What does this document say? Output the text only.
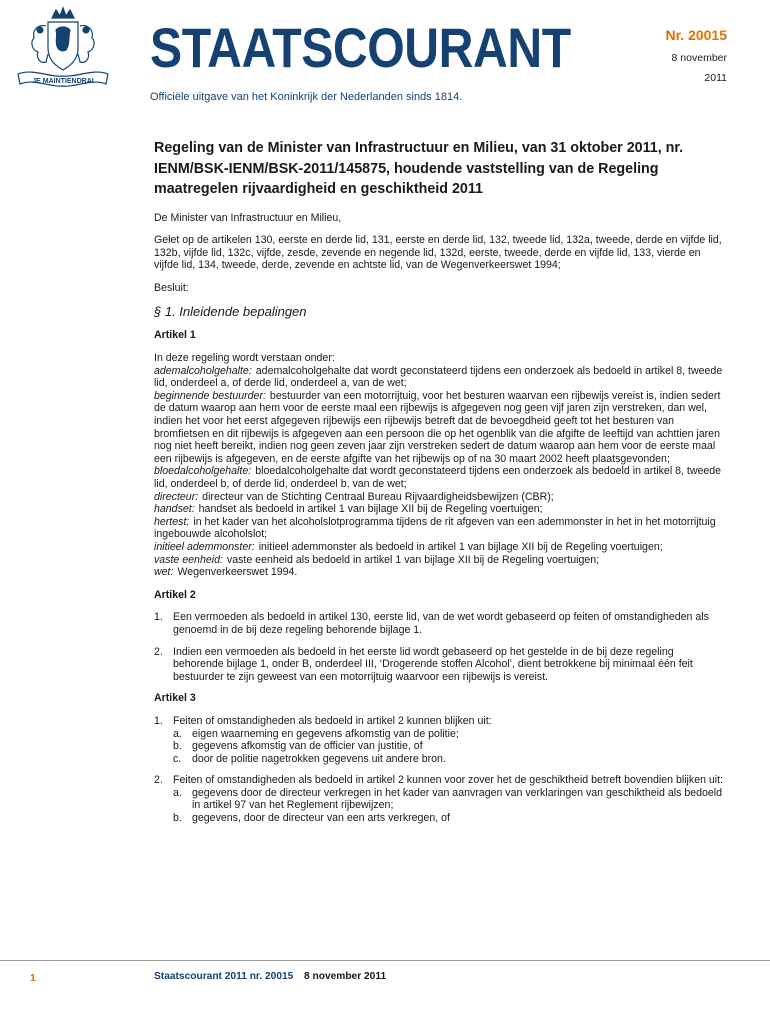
JE MAINTIENDRAI
STAATSCOURANT
Officiële uitgave van het Koninkrijk der Nederlanden sinds 1814.
Nr. 20015
8 november
2011
Regeling van de Minister van Infrastructuur en Milieu, van 31 oktober 2011, nr. IENM/BSK-IENM/BSK-2011/145875, houdende vaststelling van de Regeling maatregelen rijvaardigheid en geschiktheid 2011
De Minister van Infrastructuur en Milieu,
Gelet op de artikelen 130, eerste en derde lid, 131, eerste en derde lid, 132, tweede lid, 132a, tweede, derde en vijfde lid, 132b, vijfde lid, 132c, vijfde, zesde, zevende en negende lid, 132d, eerste, tweede, derde en vijfde lid, 133, vierde en vijfde lid, 134, tweede, derde, zevende en achtste lid, van de Wegenverkeerswet 1994;
Besluit:
§ 1. Inleidende bepalingen
Artikel 1
In deze regeling wordt verstaan onder:
ademalcoholgehalte: ademalcoholgehalte dat wordt geconstateerd tijdens een onderzoek als bedoeld in artikel 8, tweede lid, onderdeel a, of derde lid, onderdeel a, van de wet;
beginnende bestuurder: bestuurder van een motorrijtuig, voor het besturen waarvan een rijbewijs vereist is, indien sedert de datum waarop aan hem voor de eerste maal een rijbewijs is afgegeven nog geen vijf jaren zijn verstreken, dan wel, indien het voor het eerst afgegeven rijbewijs een rijbewijs betreft dat de bevoegdheid geeft tot het besturen van bromfietsen en dit rijbewijs is afgegeven aan een persoon die op het ogenblik van die afgifte de leeftijd van achttien jaren nog niet heeft bereikt, indien nog geen zeven jaar zijn verstreken sedert de datum waarop aan hem voor de eerste maal een rijbewijs is afgegeven, en de eerste afgifte van het rijbewijs op of na 30 maart 2002 heeft plaatsgevonden;
bloedalcoholgehalte: bloedalcoholgehalte dat wordt geconstateerd tijdens een onderzoek als bedoeld in artikel 8, tweede lid, onderdeel b, of derde lid, onderdeel b, van de wet;
directeur: directeur van de Stichting Centraal Bureau Rijvaardigheidsbewijzen (CBR);
handset: handset als bedoeld in artikel 1 van bijlage XII bij de Regeling voertuigen;
hertest: in het kader van het alcoholslotprogramma tijdens de rit afgeven van een ademmonster in het in het motorrijtuig ingebouwde alcoholslot;
initieel ademmonster: initieel ademmonster als bedoeld in artikel 1 van bijlage XII bij de Regeling voertuigen;
vaste eenheid: vaste eenheid als bedoeld in artikel 1 van bijlage XII bij de Regeling voertuigen;
wet: Wegenverkeerswet 1994.
Artikel 2
1. Een vermoeden als bedoeld in artikel 130, eerste lid, van de wet wordt gebaseerd op feiten of omstandigheden als genoemd in de bij deze regeling behorende bijlage 1.
2. Indien een vermoeden als bedoeld in het eerste lid wordt gebaseerd op het gestelde in de bij deze regeling behorende bijlage 1, onder B, onderdeel III, ‘Drogerende stoffen Alcohol’, dient betrokkene bij minimaal één feit bestuurder te zijn geweest van een motorrijtuig waarvoor een rijbewijs is vereist.
Artikel 3
1. Feiten of omstandigheden als bedoeld in artikel 2 kunnen blijken uit:
a. eigen waarneming en gegevens afkomstig van de politie;
b. gegevens afkomstig van de officier van justitie, of
c.	door de politie nagetrokken gegevens uit andere bron.
2. Feiten of omstandigheden als bedoeld in artikel 2 kunnen voor zover het de geschiktheid betreft bovendien blijken uit:
a. gegevens door de directeur verkregen in het kader van aanvragen van verklaringen van geschiktheid als bedoeld in artikel 97 van het Reglement rijbewijzen;
b. gegevens, door de directeur van een arts verkregen, of
1	Staatscourant 2011 nr. 20015 8 november 2011
